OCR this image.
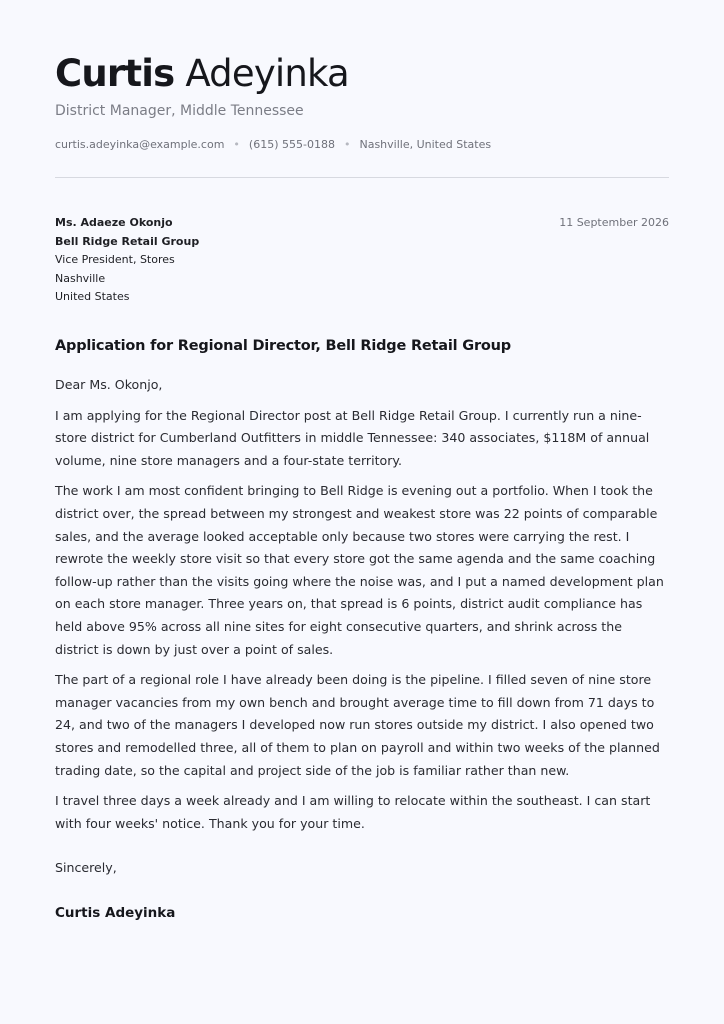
Curtis Adeyinka
District Manager, Middle Tennessee
curtis.adeyinka@example.com • (615) 555-0188 • Nashville, United States
Ms. Adaeze Okonjo
Bell Ridge Retail Group
Vice President, Stores
Nashville
United States
11 September 2026
Application for Regional Director, Bell Ridge Retail Group

Dear Ms. Okonjo,

I am applying for the Regional Director post at Bell Ridge Retail Group. I currently run a nine-store district for Cumberland Outfitters in middle Tennessee: 340 associates, $118M of annual volume, nine store managers and a four-state territory.

The work I am most confident bringing to Bell Ridge is evening out a portfolio. When I took the district over, the spread between my strongest and weakest store was 22 points of comparable sales, and the average looked acceptable only because two stores were carrying the rest. I rewrote the weekly store visit so that every store got the same agenda and the same coaching follow-up rather than the visits going where the noise was, and I put a named development plan on each store manager. Three years on, that spread is 6 points, district audit compliance has held above 95% across all nine sites for eight consecutive quarters, and shrink across the district is down by just over a point of sales.

The part of a regional role I have already been doing is the pipeline. I filled seven of nine store manager vacancies from my own bench and brought average time to fill down from 71 days to 24, and two of the managers I developed now run stores outside my district. I also opened two stores and remodelled three, all of them to plan on payroll and within two weeks of the planned trading date, so the capital and project side of the job is familiar rather than new.

I travel three days a week already and I am willing to relocate within the southeast. I can start with four weeks' notice. Thank you for your time.

Sincerely,
Curtis Adeyinka
